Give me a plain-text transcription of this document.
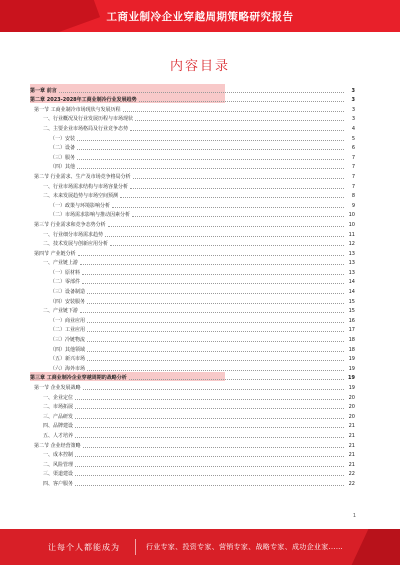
工商业制冷企业穿越周期策略研究报告
内容目录
第一章 前言	3
第二章 2023-2028年工商业制冷行业发展趋势	3
第一节 工商业制冷市场现状与发展历程	3
一、行业概况及行业发展历程与市场现状	3
二、主要企业市场格局及行业竞争态势	4
（一）安装	5
（二）设备	6
（三）服务	7
（四）其他	7
第二节 行业需求、生产及市场竞争格局分析	7
一、行业市场需求结构与市场容量分析	7
二、未来发展趋势与市场空间预测	8
（一）政策与环境影响分析	9
（二）市场需求影响与推动因素分析	10
第三节 行业需求和竞争态势分析	10
一、行业细分市场需求趋势	11
二、技术发展与创新应用分析	12
第四节 产业链分析	13
一、产业链上游	13
（一）原材料	13
（二）零部件	14
（三）设备制造	14
（四）安装服务	15
二、产业链下游	15
（一）商业应用	16
（二）工业应用	17
（三）冷链物流	18
（四）其他领域	18
（五）新兴市场	19
（六）海外市场	19
第三章 工商业制冷企业穿越周期的战略分析	19
第一节 企业发展战略	19
一、企业定位	20
二、市场拓展	20
三、产品研发	20
四、品牌建设	21
五、人才培养	21
第二节 企业经营策略	21
一、成本控制	21
二、风险管理	21
三、渠道建设	22
四、客户服务	22
1
让每个人都能成为	行业专家、投资专家、营销专家、战略专家、成功企业家……
